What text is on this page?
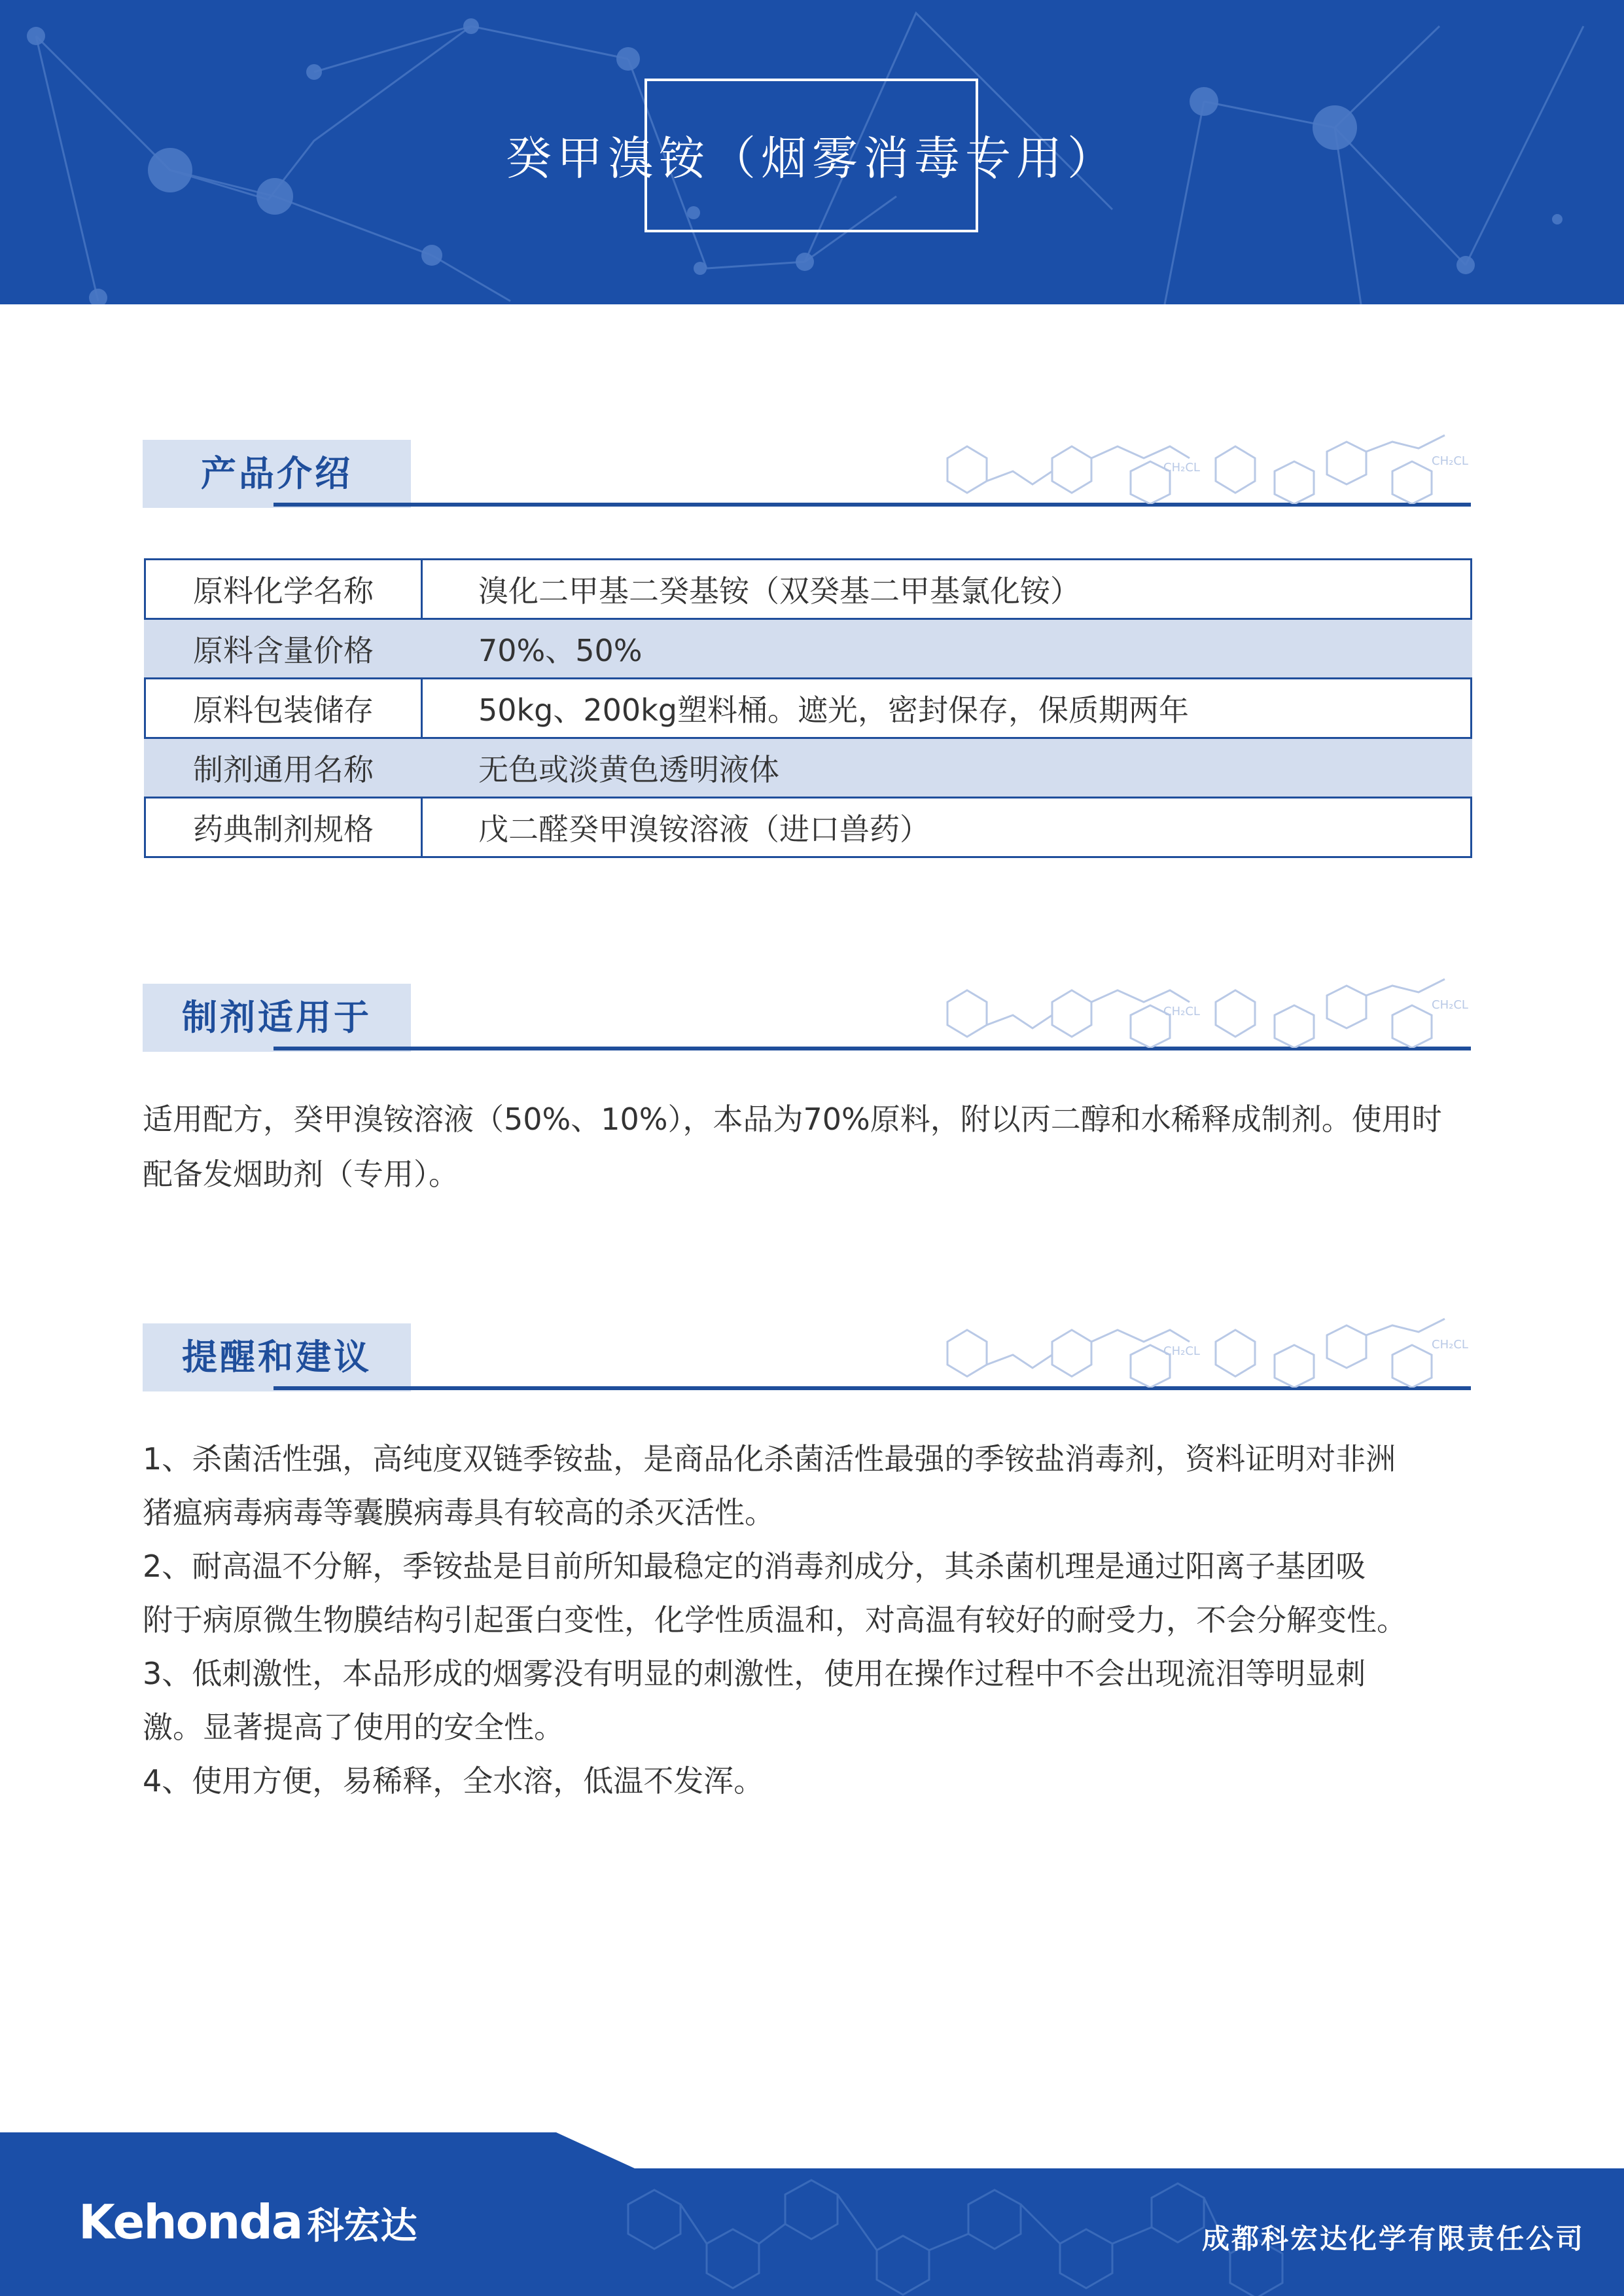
癸甲溴铵（烟雾消毒专用）
产品介绍	CH₂CL	CH₂CL
原料化学名称	溴化二甲基二癸基铵（双癸基二甲基氯化铵）
原料含量价格	70%、50%
原料包装储存	50kg、200kg塑料桶。遮光，密封保存，保质期两年
制剂通用名称	无色或淡黄色透明液体
药典制剂规格	戊二醛癸甲溴铵溶液（进口兽药）
制剂适用于	CH₂CL	CH₂CL

适用配方，癸甲溴铵溶液（50%、10%），本品为70%原料，附以丙二醇和水稀释成制剂。使用时

配备发烟助剂（专用）。

提醒和建议	CH₂CL	CH₂CL

1、杀菌活性强，高纯度双链季铵盐，是商品化杀菌活性最强的季铵盐消毒剂，资料证明对非洲

猪瘟病毒病毒等囊膜病毒具有较高的杀灭活性。

2、耐高温不分解，季铵盐是目前所知最稳定的消毒剂成分，其杀菌机理是通过阳离子基团吸

附于病原微生物膜结构引起蛋白变性，化学性质温和，对高温有较好的耐受力，不会分解变性。

3、低刺激性，本品形成的烟雾没有明显的刺激性，使用在操作过程中不会出现流泪等明显刺

激。显著提高了使用的安全性。

4、使用方便，易稀释，全水溶，低温不发浑。

Kehonda 科宏达	成都科宏达化学有限责任公司
